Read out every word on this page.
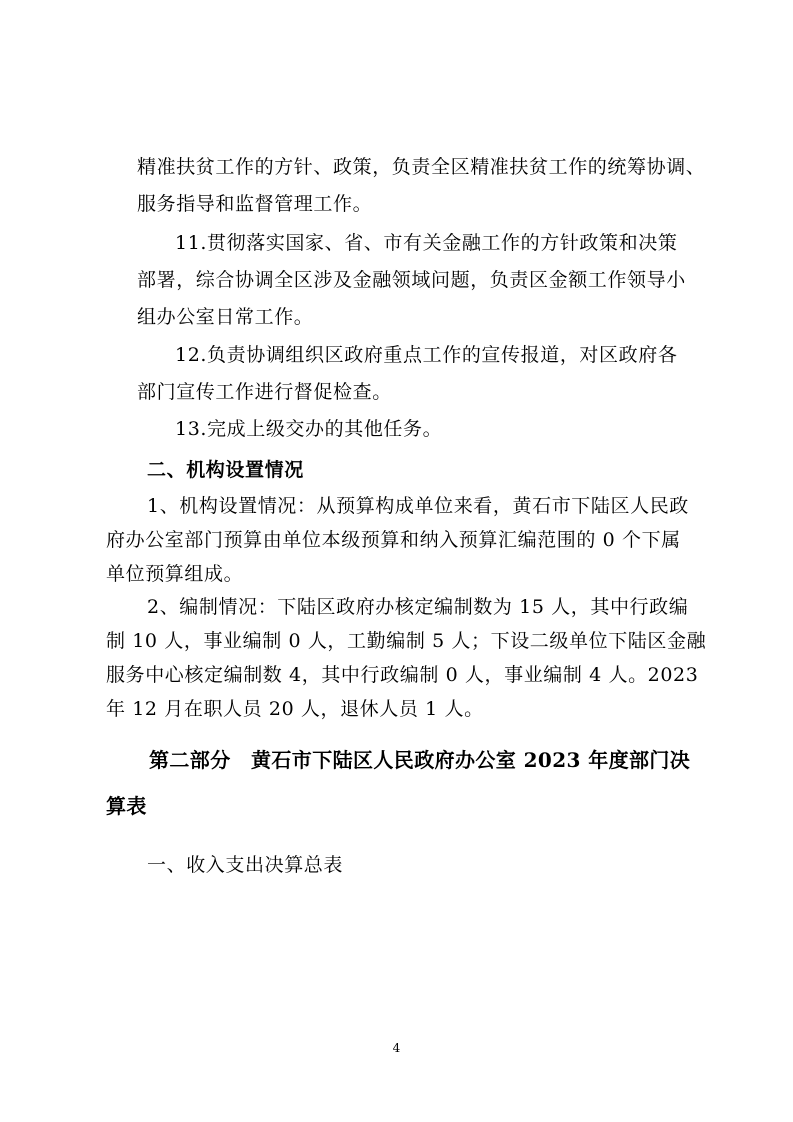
精准扶贫工作的方针、政策，负责全区精准扶贫工作的统筹协调、
服务指导和监督管理工作。
11.贯彻落实国家、省、市有关金融工作的方针政策和决策
部署，综合协调全区涉及金融领域问题，负责区金额工作领导小
组办公室日常工作。
12.负责协调组织区政府重点工作的宣传报道，对区政府各
部门宣传工作进行督促检查。
13.完成上级交办的其他任务。
二、机构设置情况
1、机构设置情况：从预算构成单位来看，黄石市下陆区人民政
府办公室部门预算由单位本级预算和纳入预算汇编范围的 0 个下属
单位预算组成。
2、编制情况：下陆区政府办核定编制数为 15 人，其中行政编
制 10 人，事业编制 0 人，工勤编制 5 人；下设二级单位下陆区金融
服务中心核定编制数 4，其中行政编制 0 人，事业编制 4 人。2023
年 12 月在职人员 20 人，退休人员 1 人。
第二部分　黄石市下陆区人民政府办公室 2023 年度部门决
算表
一、收入支出决算总表
4
